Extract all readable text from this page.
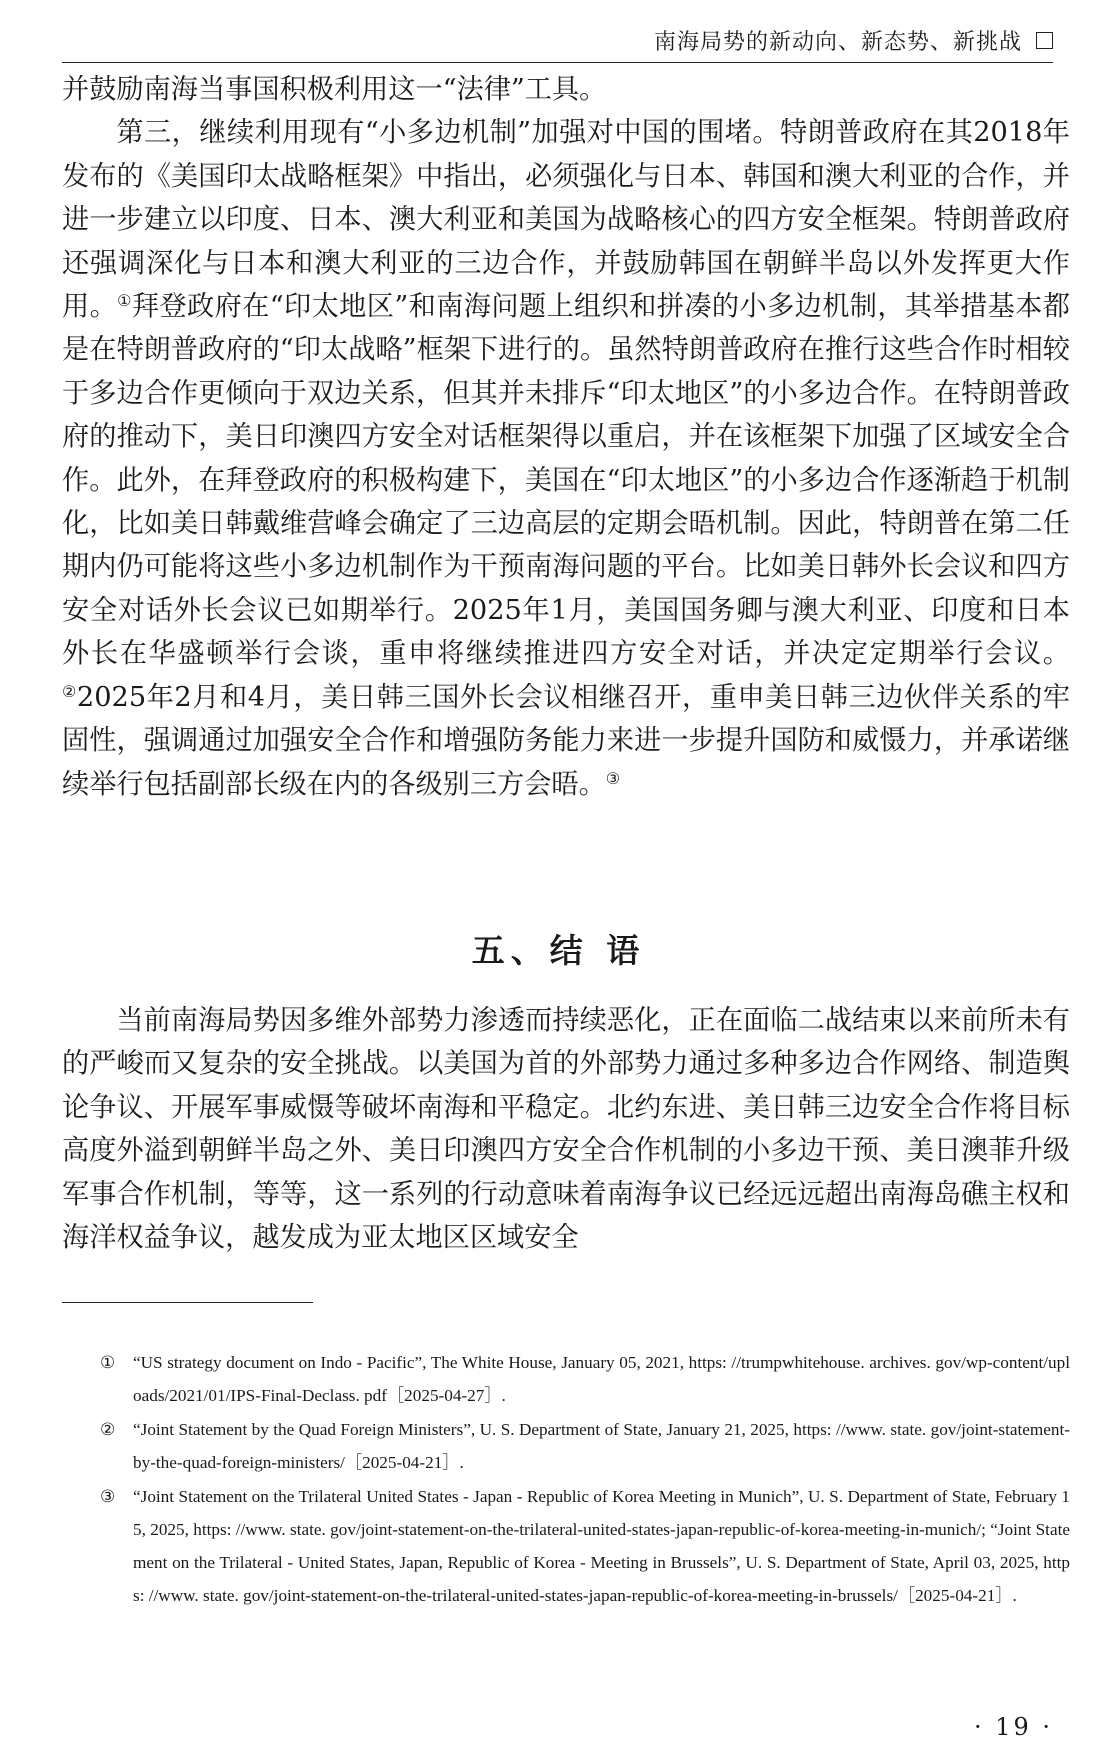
南海局势的新动向、新态势、新挑战

并鼓励南海当事国积极利用这一“法律”工具。

第三，继续利用现有“小多边机制”加强对中国的围堵。特朗普政府在其2018年发布的《美国印太战略框架》中指出，必须强化与日本、韩国和澳大利亚的合作，并进一步建立以印度、日本、澳大利亚和美国为战略核心的四方安全框架。特朗普政府还强调深化与日本和澳大利亚的三边合作，并鼓励韩国在朝鲜半岛以外发挥更大作用。①拜登政府在“印太地区”和南海问题上组织和拼凑的小多边机制，其举措基本都是在特朗普政府的“印太战略”框架下进行的。虽然特朗普政府在推行这些合作时相较于多边合作更倾向于双边关系，但其并未排斥“印太地区”的小多边合作。在特朗普政府的推动下，美日印澳四方安全对话框架得以重启，并在该框架下加强了区域安全合作。此外，在拜登政府的积极构建下，美国在“印太地区”的小多边合作逐渐趋于机制化，比如美日韩戴维营峰会确定了三边高层的定期会晤机制。因此，特朗普在第二任期内仍可能将这些小多边机制作为干预南海问题的平台。比如美日韩外长会议和四方安全对话外长会议已如期举行。2025年1月，美国国务卿与澳大利亚、印度和日本外长在华盛顿举行会谈，重申将继续推进四方安全对话，并决定定期举行会议。②2025年2月和4月，美日韩三国外长会议相继召开，重申美日韩三边伙伴关系的牢固性，强调通过加强安全合作和增强防务能力来进一步提升国防和威慑力，并承诺继续举行包括副部长级在内的各级别三方会晤。③

五、结 语

当前南海局势因多维外部势力渗透而持续恶化，正在面临二战结束以来前所未有的严峻而又复杂的安全挑战。以美国为首的外部势力通过多种多边合作网络、制造舆论争议、开展军事威慑等破坏南海和平稳定。北约东进、美日韩三边安全合作将目标高度外溢到朝鲜半岛之外、美日印澳四方安全合作机制的小多边干预、美日澳菲升级军事合作机制，等等，这一系列的行动意味着南海争议已经远远超出南海岛礁主权和海洋权益争议，越发成为亚太地区区域安全

① “US strategy document on Indo - Pacific”, The White House, January 05, 2021, https: //trumpwhitehouse. archives. gov/wp-content/uploads/2021/01/IPS-Final-Declass. pdf［2025-04-27］.

② “Joint Statement by the Quad Foreign Ministers”, U. S. Department of State, January 21, 2025, https: //www. state. gov/joint-statement-by-the-quad-foreign-ministers/［2025-04-21］.

③ “Joint Statement on the Trilateral United States - Japan - Republic of Korea Meeting in Munich”, U. S. Department of State, February 15, 2025, https: //www. state. gov/joint-statement-on-the-trilateral-united-states-japan-republic-of-korea-meeting-in-munich/; “Joint Statement on the Trilateral - United States, Japan, Republic of Korea - Meeting in Brussels”, U. S. Department of State, April 03, 2025, https: //www. state. gov/joint-statement-on-the-trilateral-united-states-japan-republic-of-korea-meeting-in-brussels/［2025-04-21］.

· 19 ·
